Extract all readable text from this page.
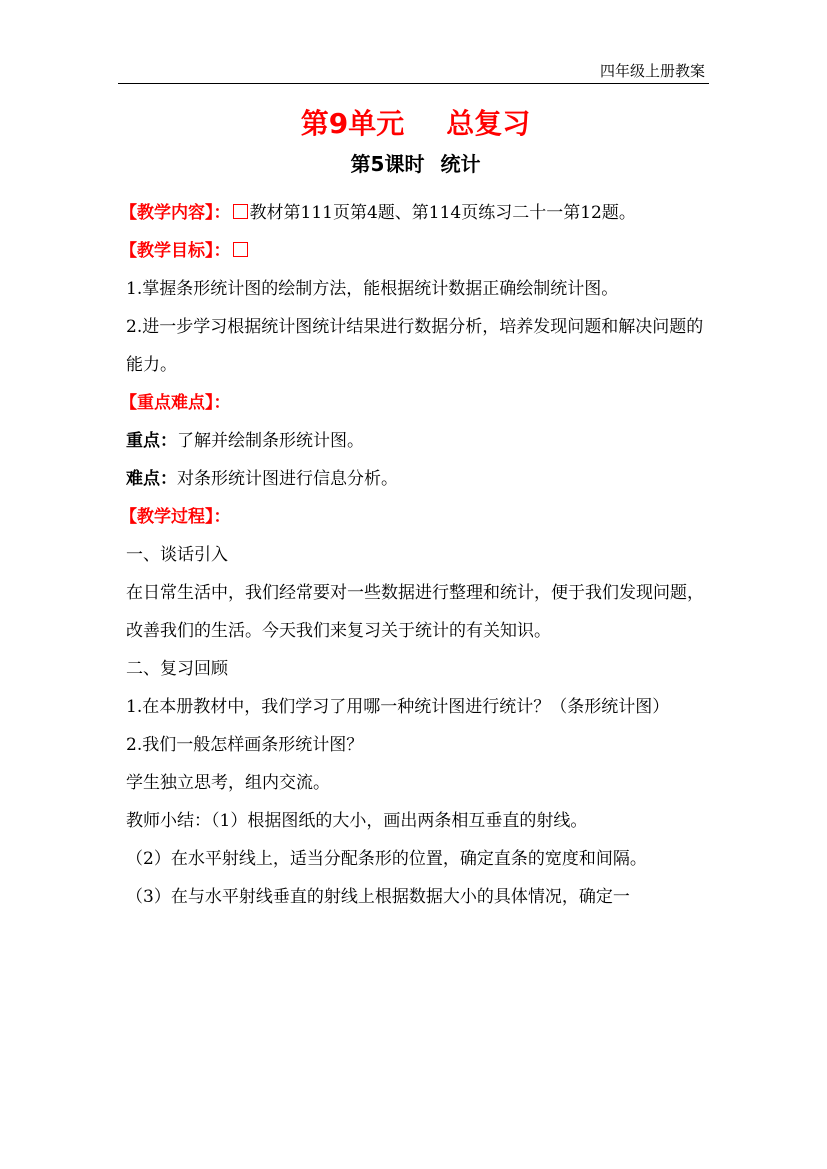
四年级上册教案
第9单元 总复习
第5课时 统计

【教学内容】： 教材第111页第4题、第114页练习二十一第12题。

【教学目标】：

1.掌握条形统计图的绘制方法，能根据统计数据正确绘制统计图。

2.进一步学习根据统计图统计结果进行数据分析，培养发现问题和解决问题的能力。

【重点难点】：

重点：了解并绘制条形统计图。

难点：对条形统计图进行信息分析。

【教学过程】：

一、谈话引入

在日常生活中，我们经常要对一些数据进行整理和统计，便于我们发现问题，改善我们的生活。今天我们来复习关于统计的有关知识。

二、复习回顾

1.在本册教材中，我们学习了用哪一种统计图进行统计？（条形统计图）

2.我们一般怎样画条形统计图？

学生独立思考，组内交流。

教师小结：（1）根据图纸的大小，画出两条相互垂直的射线。

（2）在水平射线上，适当分配条形的位置，确定直条的宽度和间隔。

（3）在与水平射线垂直的射线上根据数据大小的具体情况，确定一
